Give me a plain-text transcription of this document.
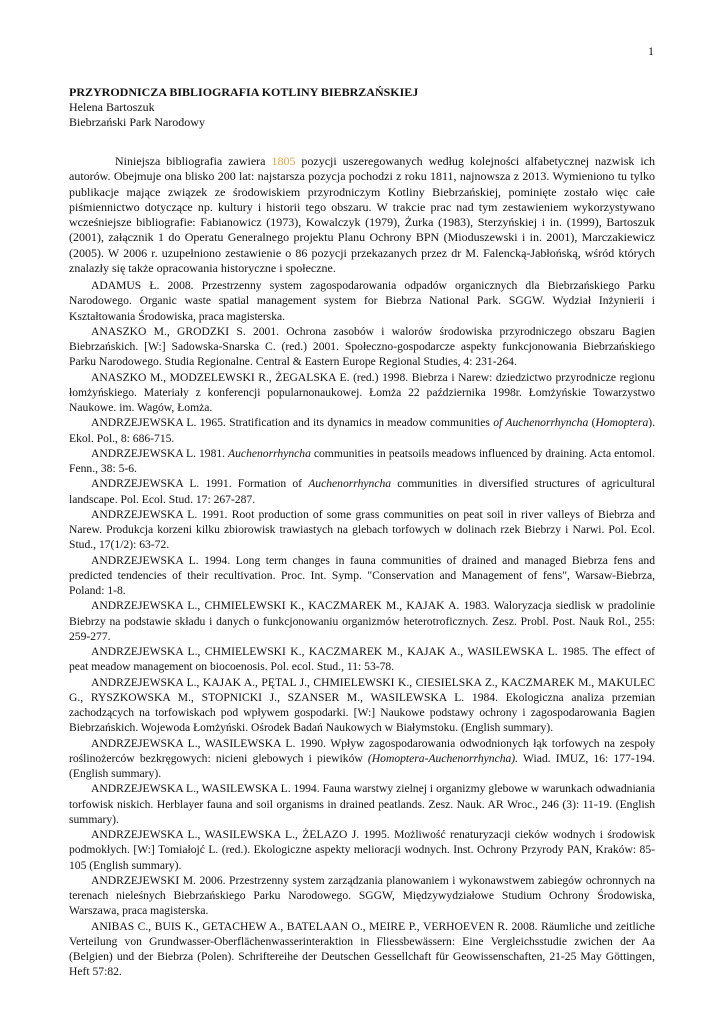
1
PRZYRODNICZA BIBLIOGRAFIA KOTLINY BIEBRZAŃSKIEJ
Helena Bartoszuk
Biebrzański Park Narodowy

Niniejsza bibliografia zawiera 1805 pozycji uszeregowanych według kolejności alfabetycznej nazwisk ich autorów. Obejmuje ona blisko 200 lat: najstarsza pozycja pochodzi z roku 1811, najnowsza z 2013. Wymieniono tu tylko publikacje mające związek ze środowiskiem przyrodniczym Kotliny Biebrzańskiej, pominięte zostało więc całe piśmiennictwo dotyczące np. kultury i historii tego obszaru. W trakcie prac nad tym zestawieniem wykorzystywano wcześniejsze bibliografie: Fabianowicz (1973), Kowalczyk (1979), Żurka (1983), Sterzyńskiej i in. (1999), Bartoszuk (2001), załącznik 1 do Operatu Generalnego projektu Planu Ochrony BPN (Mioduszewski i in. 2001), Marczakiewicz (2005). W 2006 r. uzupełniono zestawienie o 86 pozycji przekazanych przez dr M. Falencką-Jabłońską, wśród których znalazły się także opracowania historyczne i społeczne.

ADAMUS Ł. 2008. Przestrzenny system zagospodarowania odpadów organicznych dla Biebrzańskiego Parku Narodowego. Organic waste spatial management system for Biebrza National Park. SGGW. Wydział Inżynierii i Kształtowania Środowiska, praca magisterska.

ANASZKO M., GRODZKI S. 2001. Ochrona zasobów i walorów środowiska przyrodniczego obszaru Bagien Biebrzańskich. [W:] Sadowska-Snarska C. (red.) 2001. Społeczno-gospodarcze aspekty funkcjonowania Biebrzańskiego Parku Narodowego. Studia Regionalne. Central & Eastern Europe Regional Studies, 4: 231-264.

ANASZKO M., MODZELEWSKI R., ŻEGALSKA E. (red.) 1998. Biebrza i Narew: dziedzictwo przyrodnicze regionu łomżyńskiego. Materiały z konferencji popularnonaukowej. Łomża 22 października 1998r. Łomżyńskie Towarzystwo Naukowe. im. Wagów, Łomża.

ANDRZEJEWSKA L. 1965. Stratification and its dynamics in meadow communities of Auchenorrhyncha (Homoptera). Ekol. Pol., 8: 686-715.

ANDRZEJEWSKA L. 1981. Auchenorrhyncha communities in peatsoils meadows influenced by draining. Acta entomol. Fenn., 38: 5-6.

ANDRZEJEWSKA L. 1991. Formation of Auchenorrhyncha communities in diversified structures of agricultural landscape. Pol. Ecol. Stud. 17: 267-287.

ANDRZEJEWSKA L. 1991. Root production of some grass communities on peat soil in river valleys of Biebrza and Narew. Produkcja korzeni kilku zbiorowisk trawiastych na glebach torfowych w dolinach rzek Biebrzy i Narwi. Pol. Ecol. Stud., 17(1/2): 63-72.

ANDRZEJEWSKA L. 1994. Long term changes in fauna communities of drained and managed Biebrza fens and predicted tendencies of their recultivation. Proc. Int. Symp. "Conservation and Management of fens", Warsaw-Biebrza, Poland: 1-8.

ANDRZEJEWSKA L., CHMIELEWSKI K., KACZMAREK M., KAJAK A. 1983. Waloryzacja siedlisk w pradolinie Biebrzy na podstawie składu i danych o funkcjonowaniu organizmów heterotroficznych. Zesz. Probl. Post. Nauk Rol., 255: 259-277.

ANDRZEJEWSKA L., CHMIELEWSKI K., KACZMAREK M., KAJAK A., WASILEWSKA L. 1985. The effect of peat meadow management on biocoenosis. Pol. ecol. Stud., 11: 53-78.

ANDRZEJEWSKA L., KAJAK A., PĘTAL J., CHMIELEWSKI K., CIESIELSKA Z., KACZMAREK M., MAKULEC G., RYSZKOWSKA M., STOPNICKI J., SZANSER M., WASILEWSKA L. 1984. Ekologiczna analiza przemian zachodzących na torfowiskach pod wpływem gospodarki. [W:] Naukowe podstawy ochrony i zagospodarowania Bagien Biebrzańskich. Wojewoda Łomżyński. Ośrodek Badań Naukowych w Białymstoku. (English summary).

ANDRZEJEWSKA L., WASILEWSKA L. 1990. Wpływ zagospodarowania odwodnionych łąk torfowych na zespoły roślinożerców bezkręgowych: nicieni glebowych i piewików (Homoptera-Auchenorrhyncha). Wiad. IMUZ, 16: 177-194. (English summary).

ANDRZEJEWSKA L., WASILEWSKA L. 1994. Fauna warstwy zielnej i organizmy glebowe w warunkach odwadniania torfowisk niskich. Herblayer fauna and soil organisms in drained peatlands. Zesz. Nauk. AR Wroc., 246 (3): 11-19. (English summary).

ANDRZEJEWSKA L., WASILEWSKA L., ŻELAZO J. 1995. Możliwość renaturyzacji cieków wodnych i środowisk podmokłych. [W:] Tomiałojć L. (red.). Ekologiczne aspekty melioracji wodnych. Inst. Ochrony Przyrody PAN, Kraków: 85-105 (English summary).

ANDRZEJEWSKI M. 2006. Przestrzenny system zarządzania planowaniem i wykonawstwem zabiegów ochronnych na terenach nieleśnych Biebrzańskiego Parku Narodowego. SGGW, Międzywydziałowe Studium Ochrony Środowiska, Warszawa, praca magisterska.

ANIBAS C., BUIS K., GETACHEW A., BATELAAN O., MEIRE P., VERHOEVEN R. 2008. Räumliche und zeitliche Verteilung von Grundwasser-Oberflächenwasserinteraktion in Fliessbewässern: Eine Vergleichsstudie zwichen der Aa (Belgien) und der Biebrza (Polen). Schriftereihe der Deutschen Gessellchaft für Geowissenschaften, 21-25 May Göttingen, Heft 57:82.
